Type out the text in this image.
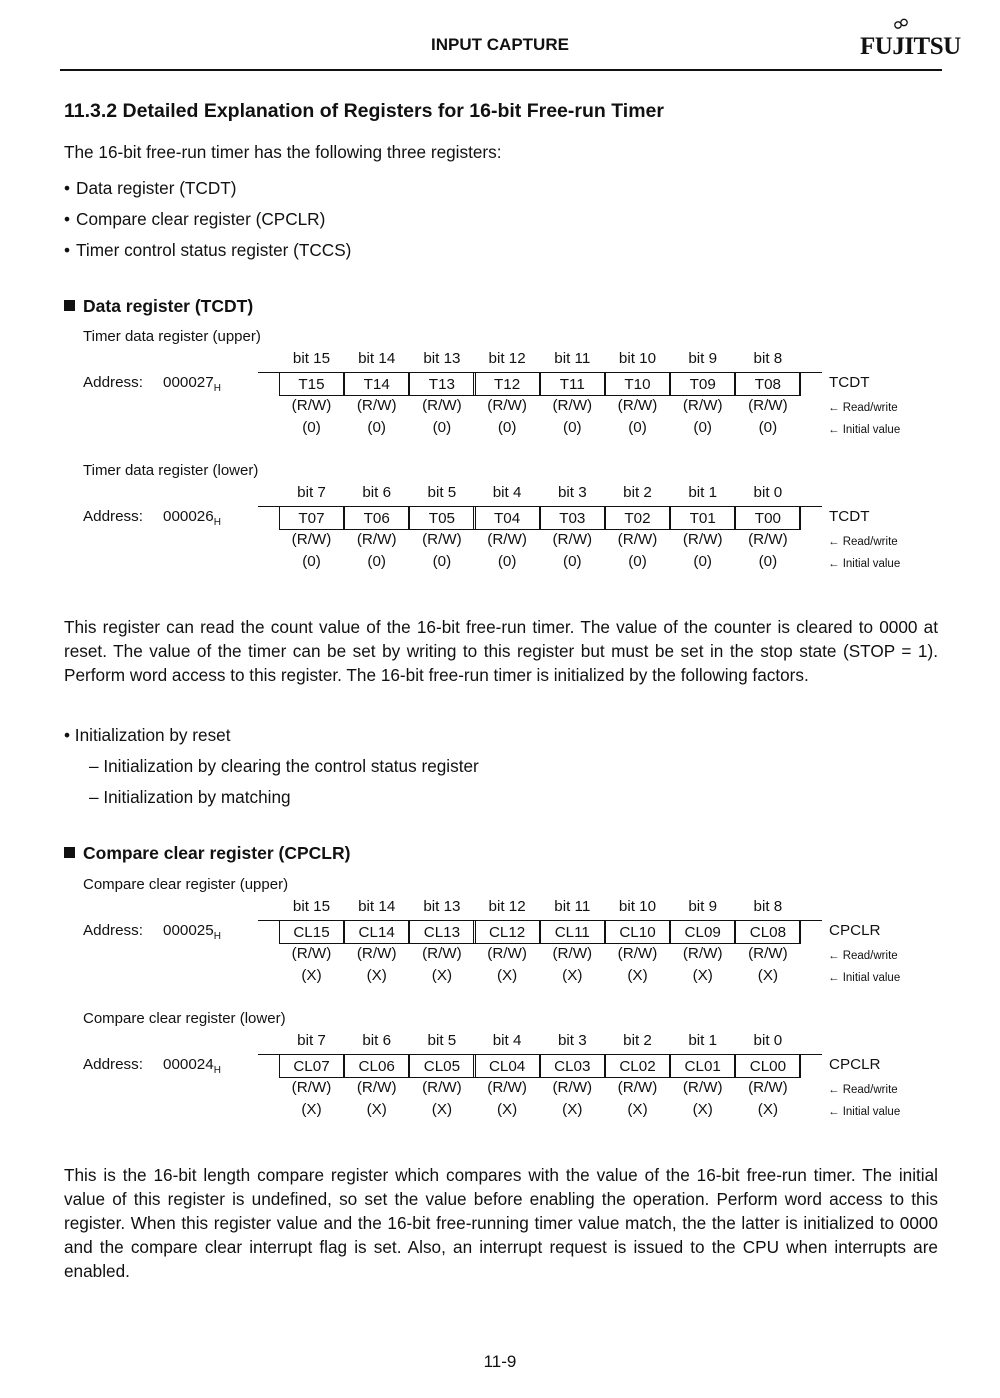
INPUT CAPTURE	FUJITSU
11.3.2 Detailed Explanation of Registers for 16-bit Free-run Timer
The 16-bit free-run timer has the following three registers:
• Data register (TCDT)
• Compare clear register (CPCLR)
• Timer control status register (TCCS)
Data register (TCDT)
Timer data register (upper)
Address: $000027_H$
bit 15
T15
(R/W)
(0)
bit 14
T14
(R/W)
(0)
bit 13
T13
(R/W)
(0)
bit 12
T12
(R/W)
(0)
bit 11
T11
(R/W)
(0)
bit 10
T10
(R/W)
(0)
bit 9
T09
(R/W)
(0)
bit 8
T08
(R/W)
(0)
TCDT
← Read/write
← Initial value
Timer data register (lower)
Address: $000026_H$
bit 7
T07
(R/W)
(0)
bit 6
T06
(R/W)
(0)
bit 5
T05
(R/W)
(0)
bit 4
T04
(R/W)
(0)
bit 3
T03
(R/W)
(0)
bit 2
T02
(R/W)
(0)
bit 1
T01
(R/W)
(0)
bit 0
T00
(R/W)
(0)
TCDT
← Read/write
← Initial value
This register can read the count value of the 16-bit free-run timer. The value of the counter is cleared to 0000 at reset. The value of the timer can be set by writing to this register but must be set in the stop state (STOP = 1). Perform word access to this register. The 16-bit free-run timer is initialized by the following factors.
• Initialization by reset
– Initialization by clearing the control status register
– Initialization by matching
Compare clear register (CPCLR)
Compare clear register (upper)
Address: $000025_H$
bit 15
CL15
(R/W)
(X)
bit 14
CL14
(R/W)
(X)
bit 13
CL13
(R/W)
(X)
bit 12
CL12
(R/W)
(X)
bit 11
CL11
(R/W)
(X)
bit 10
CL10
(R/W)
(X)
bit 9
CL09
(R/W)
(X)
bit 8
CL08
(R/W)
(X)
CPCLR
← Read/write
← Initial value
Compare clear register (lower)
Address: $000024_H$
bit 7
CL07
(R/W)
(X)
bit 6
CL06
(R/W)
(X)
bit 5
CL05
(R/W)
(X)
bit 4
CL04
(R/W)
(X)
bit 3
CL03
(R/W)
(X)
bit 2
CL02
(R/W)
(X)
bit 1
CL01
(R/W)
(X)
bit 0
CL00
(R/W)
(X)
CPCLR
← Read/write
← Initial value
This is the 16-bit length compare register which compares with the value of the 16-bit free-run timer. The initial value of this register is undefined, so set the value before enabling the operation. Perform word access to this register. When this register value and the 16-bit free-running timer value match, the the latter is initialized to 0000 and the compare clear interrupt flag is set. Also, an interrupt request is issued to the CPU when interrupts are enabled.
11-9
